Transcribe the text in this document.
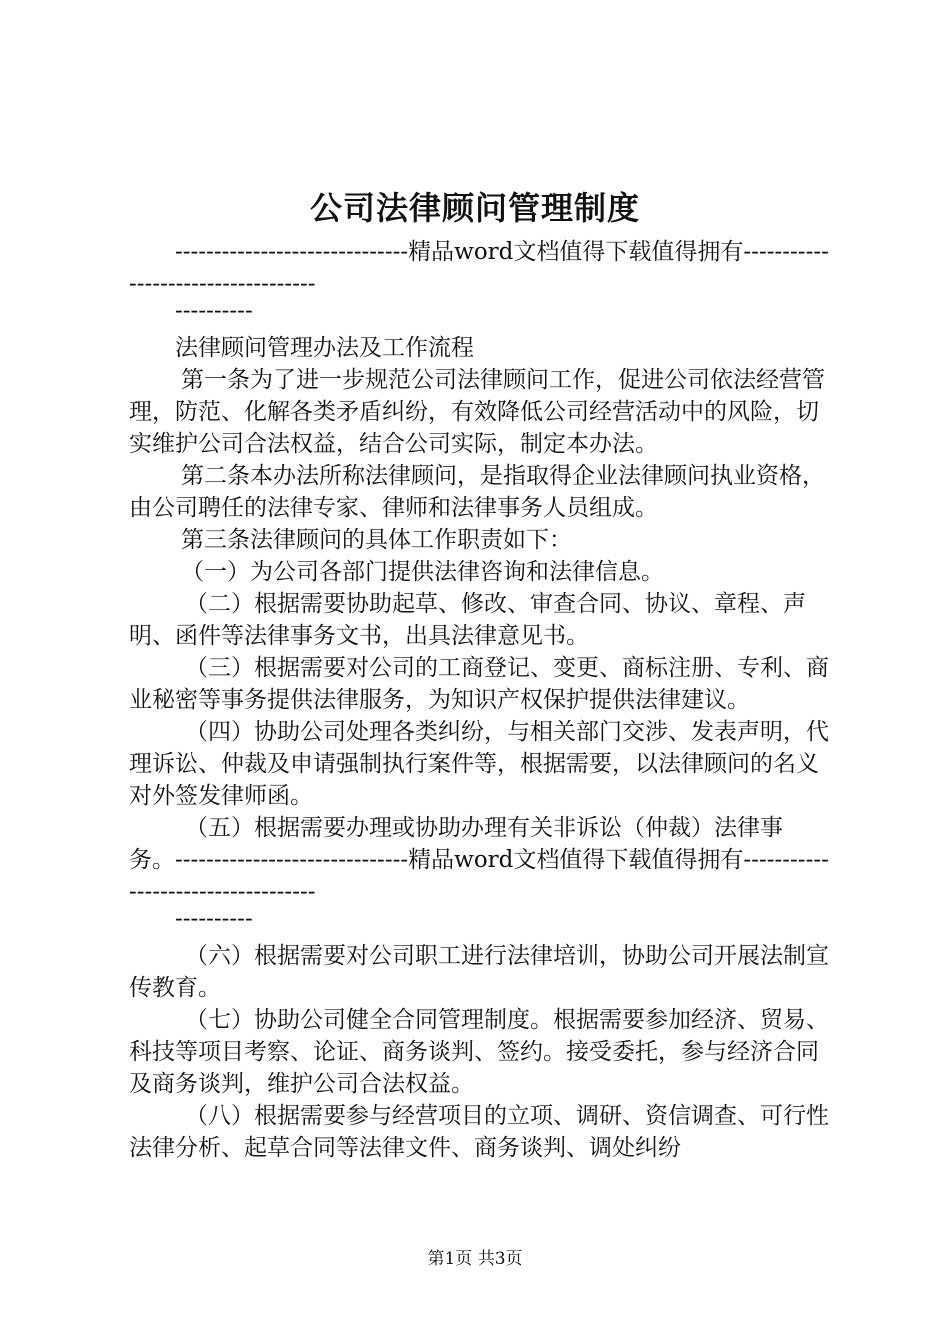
公司法律顾问管理制度

------------------------------精品word文档值得下载值得拥有-----------------------------------

----------

法律顾问管理办法及工作流程

第一条为了进一步规范公司法律顾问工作，促进公司依法经营管理，防范、化解各类矛盾纠纷，有效降低公司经营活动中的风险，切实维护公司合法权益，结合公司实际，制定本办法。

第二条本办法所称法律顾问，是指取得企业法律顾问执业资格，由公司聘任的法律专家、律师和法律事务人员组成。

第三条法律顾问的具体工作职责如下：

（一）为公司各部门提供法律咨询和法律信息。

（二）根据需要协助起草、修改、审查合同、协议、章程、声明、函件等法律事务文书，出具法律意见书。

（三）根据需要对公司的工商登记、变更、商标注册、专利、商业秘密等事务提供法律服务，为知识产权保护提供法律建议。

（四）协助公司处理各类纠纷，与相关部门交涉、发表声明，代理诉讼、仲裁及申请强制执行案件等，根据需要，以法律顾问的名义对外签发律师函。

（五）根据需要办理或协助办理有关非诉讼（仲裁）法律事务。------------------------------精品word文档值得下载值得拥有-----------------------------------

----------

（六）根据需要对公司职工进行法律培训，协助公司开展法制宣传教育。

（七）协助公司健全合同管理制度。根据需要参加经济、贸易、科技等项目考察、论证、商务谈判、签约。接受委托，参与经济合同及商务谈判，维护公司合法权益。

（八）根据需要参与经营项目的立项、调研、资信调查、可行性法律分析、起草合同等法律文件、商务谈判、调处纠纷

第1页 共3页
